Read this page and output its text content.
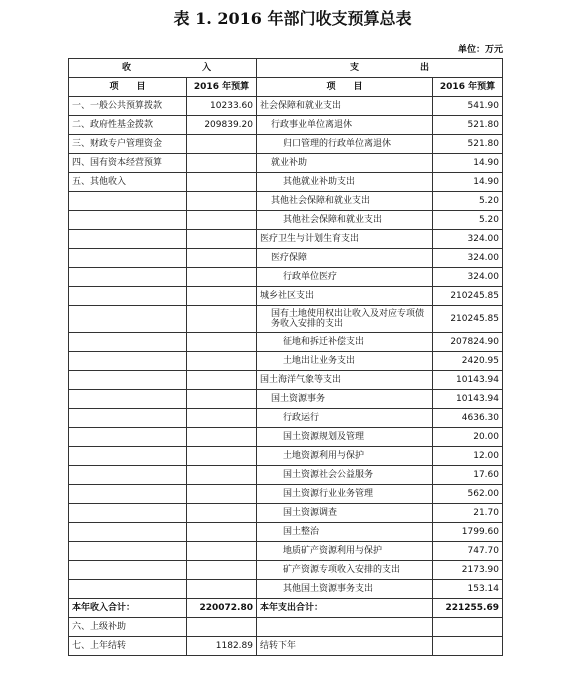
表 1. 2016 年部门收支预算总表
单位：万元
收 入		支 出	

项　　目	2016 年预算	项　　目	2016 年预算
一、一般公共预算拨款	10233.60	社会保障和就业支出	541.90
二、政府性基金拨款	209839.20	行政事业单位离退休	521.80
三、财政专户管理资金		归口管理的行政单位离退休	521.80
四、国有资本经营预算		就业补助	14.90
五、其他收入		其他就业补助支出	14.90
		其他社会保障和就业支出	5.20
		其他社会保障和就业支出	5.20
		医疗卫生与计划生育支出	324.00
		医疗保障	324.00
		行政单位医疗	324.00
		城乡社区支出	210245.85
		国有土地使用权出让收入及对应专项债务收入安排的支出	210245.85
		征地和拆迁补偿支出	207824.90
		土地出让业务支出	2420.95
		国土海洋气象等支出	10143.94
		国土资源事务	10143.94
		行政运行	4636.30
		国土资源规划及管理	20.00
		土地资源利用与保护	12.00
		国土资源社会公益服务	17.60
		国土资源行业业务管理	562.00
		国土资源调查	21.70
		国土整治	1799.60
		地质矿产资源利用与保护	747.70
		矿产资源专项收入安排的支出	2173.90
		其他国土资源事务支出	153.14
本年收入合计：	220072.80	本年支出合计：	221255.69
六、上级补助			
七、上年结转	1182.89	结转下年	
